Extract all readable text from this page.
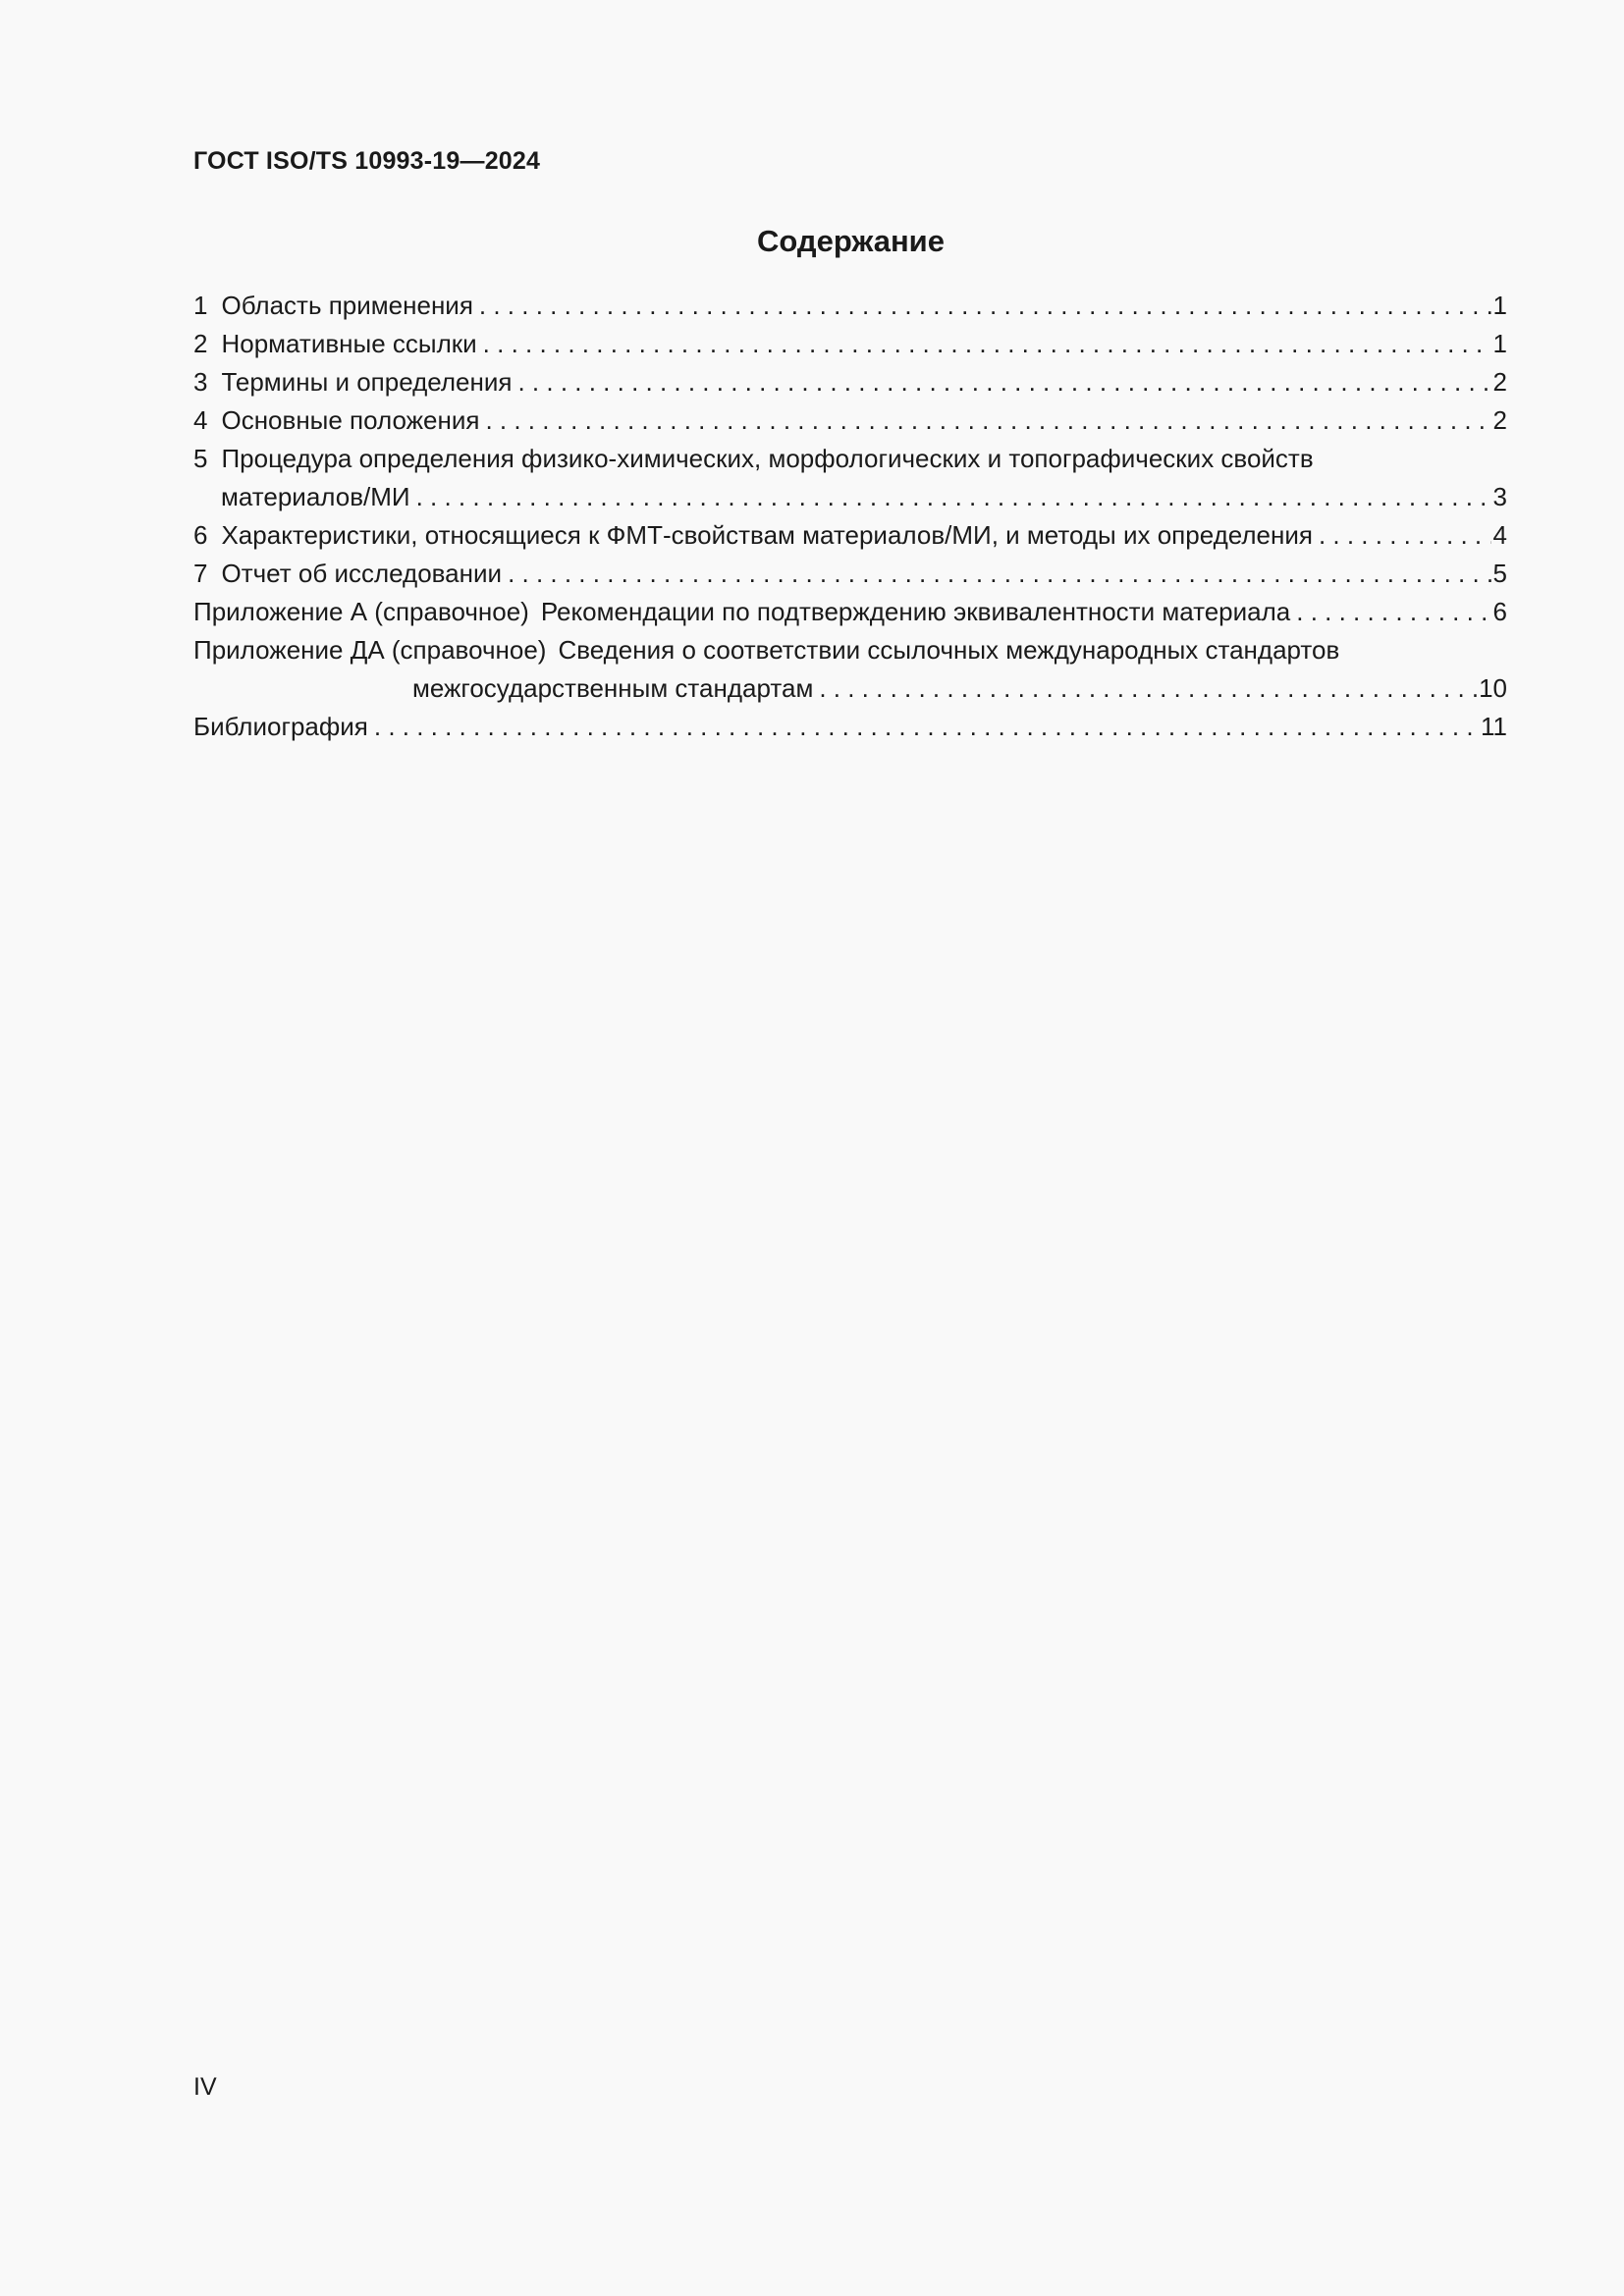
ГОСТ ISO/TS 10993-19—2024
Содержание
1 Область применения . . .	1
2 Нормативные ссылки . . .	1
3 Термины и определения . . .	2
4 Основные положения . . .	2
5 Процедура определения физико-химических, морфологических и топографических свойств
материалов/МИ . . .	3
6 Характеристики, относящиеся к ФМТ-свойствам материалов/МИ, и методы их определения . . .	4
7 Отчет об исследовании . . .	5
Приложение А (справочное) Рекомендации по подтверждению эквивалентности материала . . .	6
Приложение ДА (справочное) Сведения о соответствии ссылочных международных стандартов
межгосударственным стандартам . . .	10
Библиография . . .	11
IV
